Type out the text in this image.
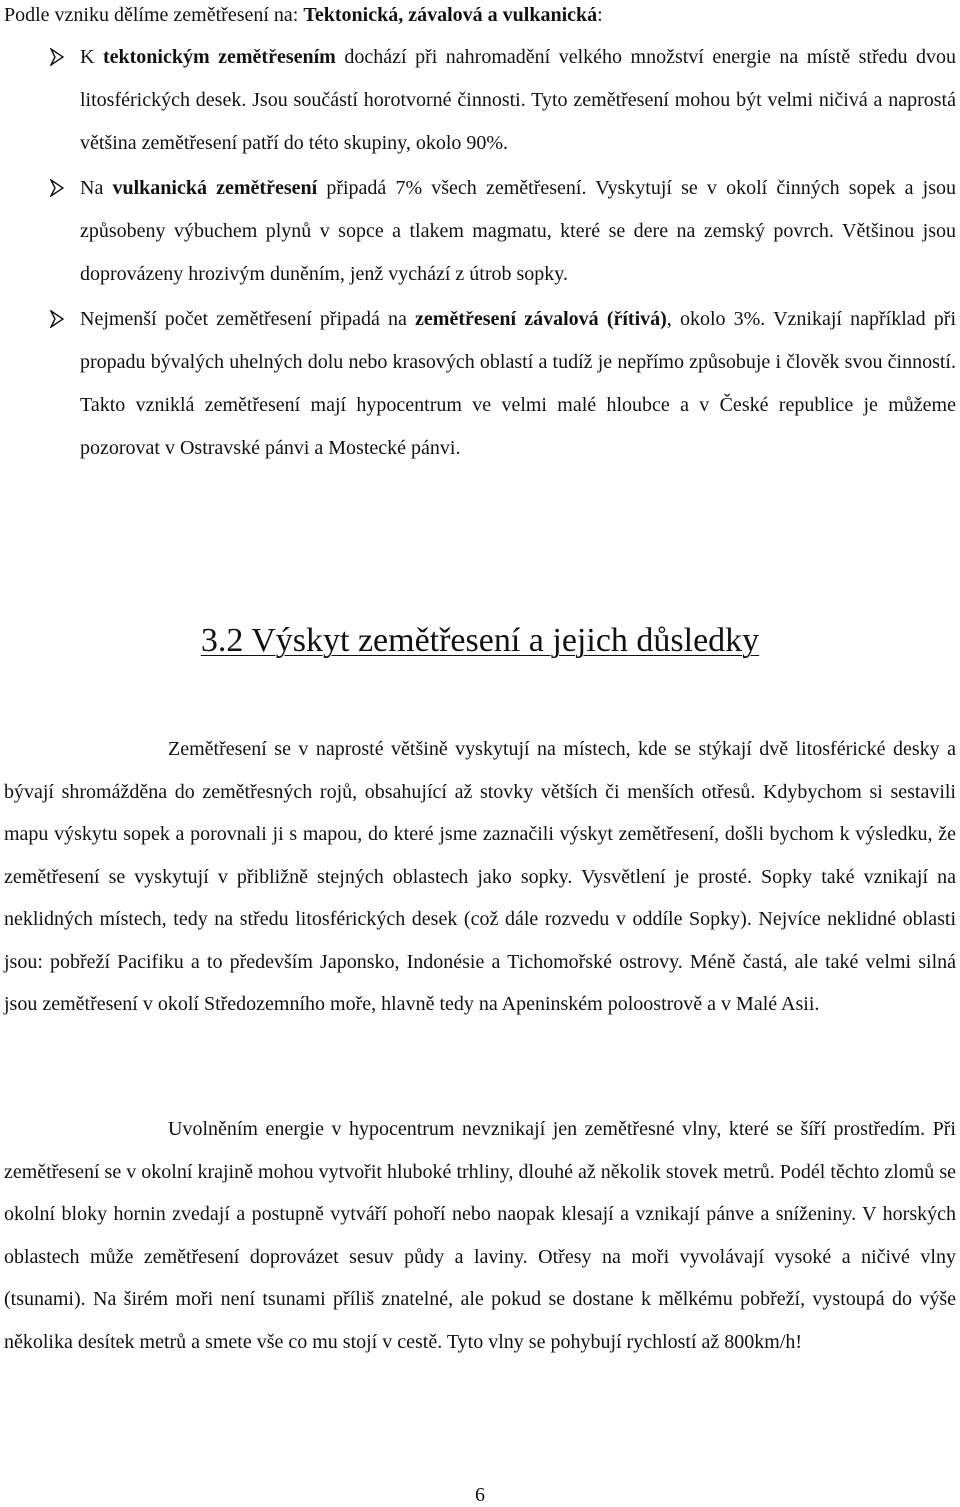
Podle vzniku dělíme zemětřesení na: Tektonická, závalová a vulkanická:
K tektonickým zemětřesením dochází při nahromadění velkého množství energie na místě středu dvou litosférických desek. Jsou součástí horotvorné činnosti. Tyto zemětřesení mohou být velmi ničivá a naprostá většina zemětřesení patří do této skupiny, okolo 90%.
Na vulkanická zemětřesení připadá 7% všech zemětřesení. Vyskytují se v okolí činných sopek a jsou způsobeny výbuchem plynů v sopce a tlakem magmatu, které se dere na zemský povrch. Většinou jsou doprovázeny hrozivým duněním, jenž vychází z útrob sopky.
Nejmenší počet zemětřesení připadá na zemětřesení závalová (řítivá), okolo 3%. Vznikají například při propadu bývalých uhelných dolu nebo krasových oblastí a tudíž je nepřímo způsobuje i člověk svou činností. Takto vzniklá zemětřesení mají hypocentrum ve velmi malé hloubce a v České republice je můžeme pozorovat v Ostravské pánvi a Mostecké pánvi.
3.2 Výskyt zemětřesení a jejich důsledky

Zemětřesení se v naprosté většině vyskytují na místech, kde se stýkají dvě litosférické desky a bývají shromážděna do zemětřesných rojů, obsahující až stovky větších či menších otřesů. Kdybychom si sestavili mapu výskytu sopek a porovnali ji s mapou, do které jsme zaznačili výskyt zemětřesení, došli bychom k výsledku, že zemětřesení se vyskytují v přibližně stejných oblastech jako sopky. Vysvětlení je prosté. Sopky také vznikají na neklidných místech, tedy na středu litosférických desek (což dále rozvedu v oddíle Sopky). Nejvíce neklidné oblasti jsou: pobřeží Pacifiku a to především Japonsko, Indonésie a Tichomořské ostrovy. Méně častá, ale také velmi silná jsou zemětřesení v okolí Středozemního moře, hlavně tedy na Apeninském poloostrově a v Malé Asii.

Uvolněním energie v hypocentrum nevznikají jen zemětřesné vlny, které se šíří prostředím. Při zemětřesení se v okolní krajině mohou vytvořit hluboké trhliny, dlouhé až několik stovek metrů. Podél těchto zlomů se okolní bloky hornin zvedají a postupně vytváří pohoří nebo naopak klesají a vznikají pánve a sníženiny. V horských oblastech může zemětřesení doprovázet sesuv půdy a laviny. Otřesy na moři vyvolávají vysoké a ničivé vlny (tsunami). Na širém moři není tsunami příliš znatelné, ale pokud se dostane k mělkému pobřeží, vystoupá do výše několika desítek metrů a smete vše co mu stojí v cestě. Tyto vlny se pohybují rychlostí až 800km/h!

6
